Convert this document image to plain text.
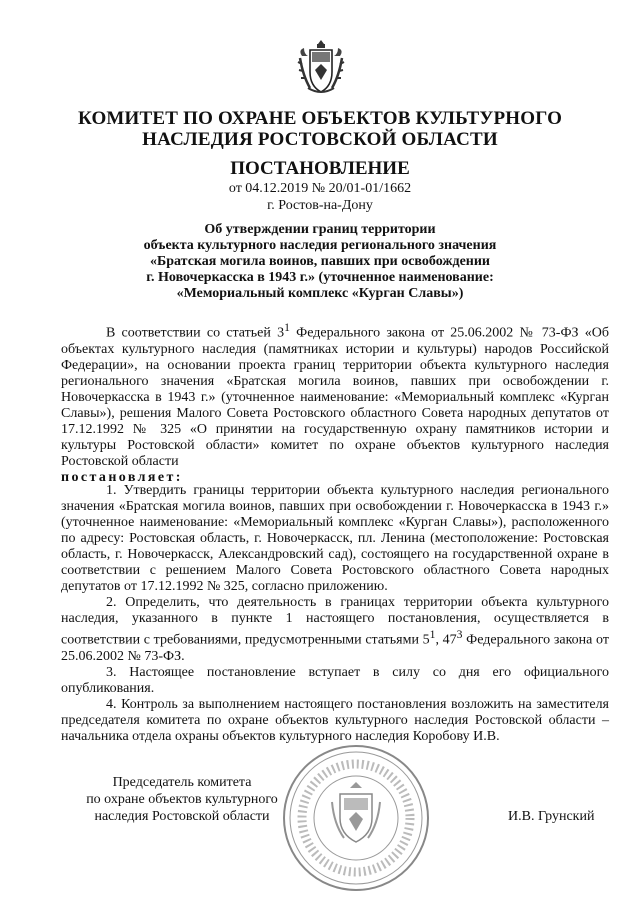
КОМИТЕТ ПО ОХРАНЕ ОБЪЕКТОВ КУЛЬТУРНОГО
НАСЛЕДИЯ РОСТОВСКОЙ ОБЛАСТИ
ПОСТАНОВЛЕНИЕ
от 04.12.2019 № 20/01-01/1662
г. Ростов-на-Дону
Об утверждении границ территории
объекта культурного наследия регионального значения
«Братская могила воинов, павших при освобождении
г. Новочеркасска в 1943 г.» (уточненное наименование:
«Мемориальный комплекс «Курган Славы»)

В соответствии со статьей $3^1$ Федерального закона от 25.06.2002 № 73-ФЗ «Об объектах культурного наследия (памятниках истории и культуры) народов Российской Федерации», на основании проекта границ территории объекта культурного наследия регионального значения «Братская могила воинов, павших при освобождении г. Новочеркасска в 1943 г.» (уточненное наименование: «Мемориальный комплекс «Курган Славы»), решения Малого Совета Ростовского областного Совета народных депутатов от 17.12.1992 № 325 «О принятии на государственную охрану памятников истории и культуры Ростовской области» комитет по охране объектов культурного наследия Ростовской области

постановляет:

1. Утвердить границы территории объекта культурного наследия регионального значения «Братская могила воинов, павших при освобождении г. Новочеркасска в 1943 г.» (уточненное наименование: «Мемориальный комплекс «Курган Славы»), расположенного по адресу: Ростовская область, г. Новочеркасск, пл. Ленина (местоположение: Ростовская область, г. Новочеркасск, Александровский сад), состоящего на государственной охране в соответствии с решением Малого Совета Ростовского областного Совета народных депутатов от 17.12.1992 № 325, согласно приложению.

2. Определить, что деятельность в границах территории объекта культурного наследия, указанного в пункте 1 настоящего постановления, осуществляется в соответствии с требованиями, предусмотренными статьями $5^1$, $47^3$ Федерального закона от 25.06.2002 № 73-ФЗ.

3. Настоящее постановление вступает в силу со дня его официального опубликования.

4. Контроль за выполнением настоящего постановления возложить на заместителя председателя комитета по охране объектов культурного наследия Ростовской области – начальника отдела охраны объектов культурного наследия Коробову И.В.

Председатель комитета
по охране объектов культурного
наследия Ростовской области	И.В. Грунский
